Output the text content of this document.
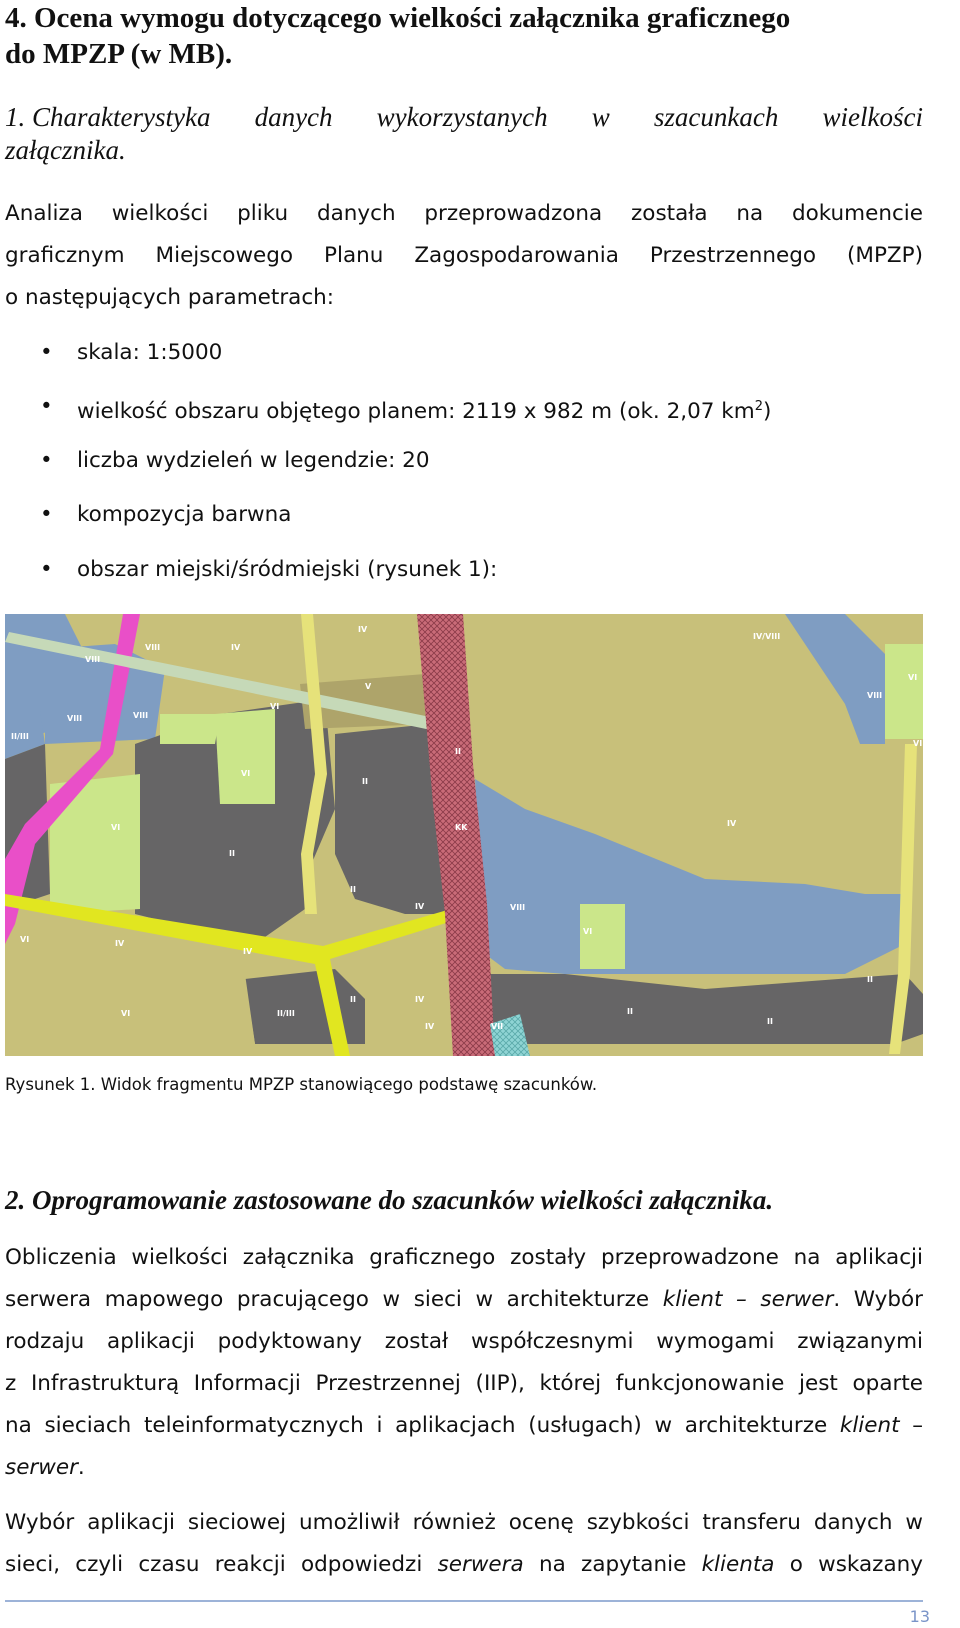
4. Ocena wymogu dotyczącego wielkości załącznika graficznego
do MPZP (w MB).
1. Charakterystyka danych wykorzystanych w szacunkach wielkości
załącznika.
Analiza wielkości pliku danych przeprowadzona została na dokumencie
graficznym Miejscowego Planu Zagospodarowania Przestrzennego (MPZP)
o następujących parametrach:
•	skala: 1:5000
•	wielkość obszaru objętego planem: 2119 x 982 m (ok. 2,07 $km^2$)
•	liczba wydzieleń w legendzie: 20
•	kompozycja barwna
•	obszar miejski/śródmiejski (rysunek 1):
IV
IV/VIII
VIII
VIII	IV
VI
VIII
VI
V
VI
VIII	VIII
II/III
VI
VI
II
KK	IV
VI
II
II
IV	VIII
VI	IV
IV
II
II	IV
II
VI	II/III
IV	VII
II
II
Rysunek 1. Widok fragmentu MPZP stanowiącego podstawę szacunków.
2. Oprogramowanie zastosowane do szacunków wielkości załącznika.
Obliczenia wielkości załącznika graficznego zostały przeprowadzone na aplikacji
serwera mapowego pracującego w sieci w architekturze klient – serwer. Wybór
rodzaju aplikacji podyktowany został współczesnymi wymogami związanymi
z Infrastrukturą Informacji Przestrzennej (IIP), której funkcjonowanie jest oparte
na sieciach teleinformatycznych i aplikacjach (usługach) w architekturze klient –
serwer.
Wybór aplikacji sieciowej umożliwił również ocenę szybkości transferu danych w
sieci, czyli czasu reakcji odpowiedzi serwera na zapytanie klienta o wskazany
13
